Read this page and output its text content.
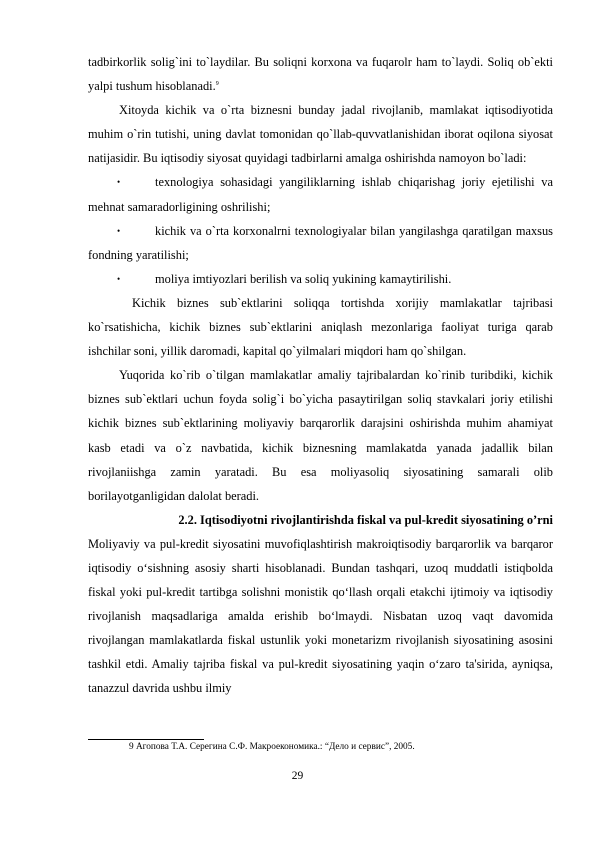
tadbirkorlik solig`ini to`laydilar. Bu soliqni korxona va fuqarolr ham to`laydi. Soliq ob`ekti yalpi tushum hisoblanadi.$^9$

Xitoyda kichik va o`rta biznesni bunday jadal rivojlanib, mamlakat iqtisodiyotida muhim o`rin tutishi, uning davlat tomonidan qo`llab-quvvatlanishidan iborat oqilona siyosat natijasidir. Bu iqtisodiy siyosat quyidagi tadbirlarni amalga oshirishda namoyon bo`ladi:

•	texnologiya sohasidagi yangiliklarning ishlab chiqarishag joriy ejetilishi va mehnat samaradorligining oshrilishi;

•	kichik va o`rta korxonalrni texnologiyalar bilan yangilashga qaratilgan maxsus fondning yaratilishi;

•	moliya imtiyozlari berilish va soliq yukining kamaytirilishi.

Kichik biznes sub`ektlarini soliqqa tortishda xorijiy mamlakatlar tajribasi ko`rsatishicha, kichik biznes sub`ektlarini aniqlash mezonlariga faoliyat turiga qarab ishchilar soni, yillik daromadi, kapital qo`yilmalari miqdori ham qo`shilgan.

Yuqorida ko`rib o`tilgan mamlakatlar amaliy tajribalardan ko`rinib turibdiki, kichik biznes sub`ektlari uchun foyda solig`i bo`yicha pasaytirilgan soliq stavkalari joriy etilishi kichik biznes sub`ektlarining moliyaviy barqarorlik darajsini oshirishda muhim ahamiyat kasb etadi va o`z navbatida, kichik biznesning mamlakatda yanada jadallik bilan rivojlaniishga zamin yaratadi. Bu esa moliyasoliq siyosatining samarali olib borilayotganligidan dalolat beradi.

2.2. Iqtisodiyotni rivojlantirishda fiskal va pul-kredit siyosatining o’rni

Moliyaviy va pul-kredit siyosatini muvofiqlashtirish makroiqtisodiy barqarorlik va barqaror iqtisodiy o‘sishning asosiy sharti hisoblanadi. Bundan tashqari, uzoq muddatli istiqbolda fiskal yoki pul-kredit tartibga solishni monistik qo‘llash orqali etakchi ijtimoiy va iqtisodiy rivojlanish maqsadlariga amalda erishib bo‘lmaydi. Nisbatan uzoq vaqt davomida rivojlangan mamlakatlarda fiskal ustunlik yoki monetarizm rivojlanish siyosatining asosini tashkil etdi. Amaliy tajriba fiskal va pul-kredit siyosatining yaqin o‘zaro ta'sirida, ayniqsa, tanazzul davrida ushbu ilmiy

9 Агопова Т.А. Серегина С.Ф. Макроекономика.: “Дело и сервис”, 2005.
29
